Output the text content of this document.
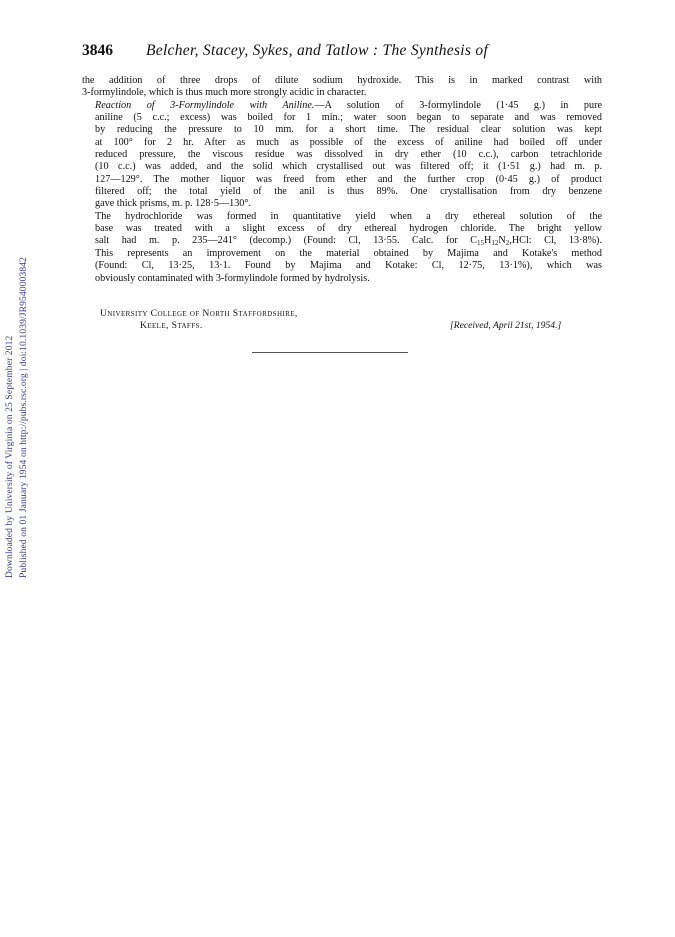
Downloaded by University of Virginia on 25 September 2012 Published on 01 January 1954 on http://pubs.rsc.org | doi:10.1039/JR9540003842
3846 Belcher, Stacey, Sykes, and Tatlow : The Synthesis of

the addition of three drops of dilute sodium hydroxide. This is in marked contrast with
3-formylindole, which is thus much more strongly acidic in character.

Reaction of 3-Formylindole with Aniline.—A solution of 3-formylindole (1·45 g.) in pure
aniline (5 c.c.; excess) was boiled for 1 min.; water soon began to separate and was removed
by reducing the pressure to 10 mm. for a short time. The residual clear solution was kept
at 100° for 2 hr. After as much as possible of the excess of aniline had boiled off under
reduced pressure, the viscous residue was dissolved in dry ether (10 c.c.), carbon tetrachloride
(10 c.c.) was added, and the solid which crystallised out was filtered off; it (1·51 g.) had m. p.
127—129°. The mother liquor was freed from ether and the further crop (0·45 g.) of product
filtered off; the total yield of the anil is thus 89%. One crystallisation from dry benzene
gave thick prisms, m. p. 128·5—130°.

The hydrochloride was formed in quantitative yield when a dry ethereal solution of the
base was treated with a slight excess of dry ethereal hydrogen chloride. The bright yellow
salt had m. p. 235—241° (decomp.) (Found: Cl, 13·55. Calc. for $C_{15}H_{12}N_2,HCl$: Cl, 13·8%).
This represents an improvement on the material obtained by Majima and Kotake's method
(Found: Cl, 13·25, 13·1. Found by Majima and Kotake: Cl, 12·75, 13·1%), which was
obviously contaminated with 3-formylindole formed by hydrolysis.

University College of North Staffordshire,
Keele, Staffs.	[Received, April 21st, 1954.]
